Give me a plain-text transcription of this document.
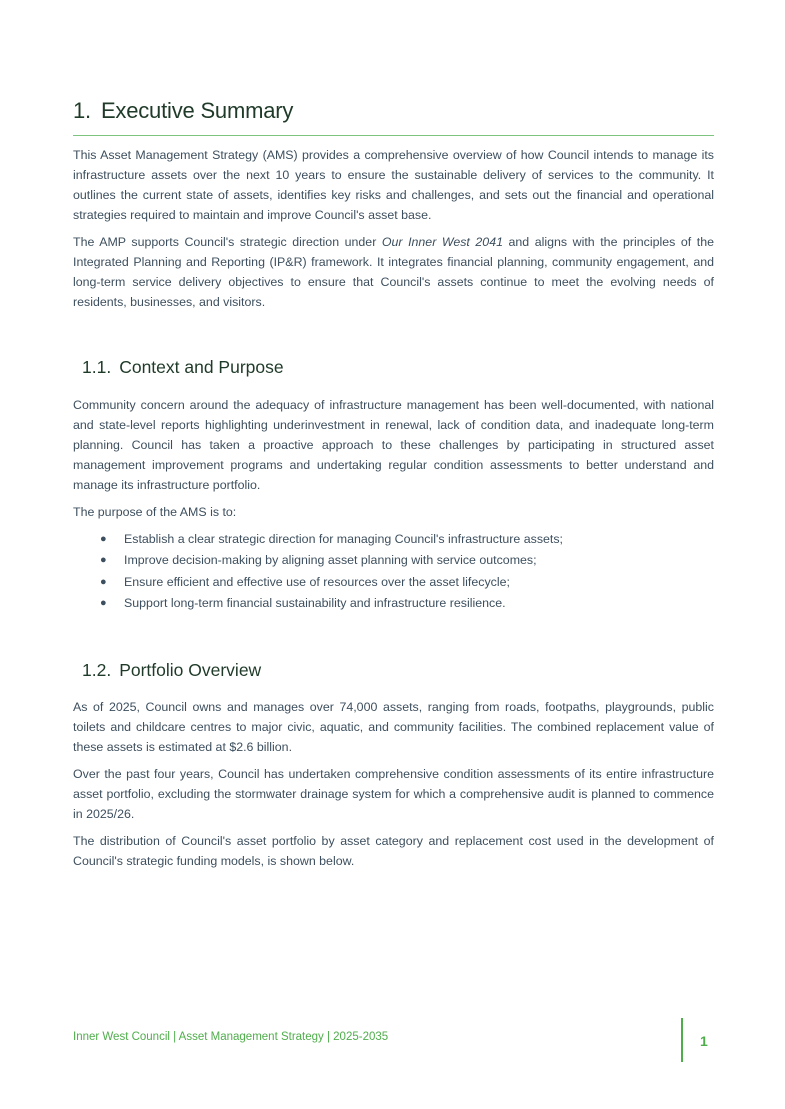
1. Executive Summary

This Asset Management Strategy (AMS) provides a comprehensive overview of how Council intends to manage its infrastructure assets over the next 10 years to ensure the sustainable delivery of services to the community. It outlines the current state of assets, identifies key risks and challenges, and sets out the financial and operational strategies required to maintain and improve Council's asset base.

The AMP supports Council's strategic direction under Our Inner West 2041 and aligns with the principles of the Integrated Planning and Reporting (IP&R) framework. It integrates financial planning, community engagement, and long-term service delivery objectives to ensure that Council's assets continue to meet the evolving needs of residents, businesses, and visitors.

1.1. Context and Purpose

Community concern around the adequacy of infrastructure management has been well-documented, with national and state-level reports highlighting underinvestment in renewal, lack of condition data, and inadequate long-term planning. Council has taken a proactive approach to these challenges by participating in structured asset management improvement programs and undertaking regular condition assessments to better understand and manage its infrastructure portfolio.

The purpose of the AMS is to:

● Establish a clear strategic direction for managing Council's infrastructure assets;
● Improve decision-making by aligning asset planning with service outcomes;
● Ensure efficient and effective use of resources over the asset lifecycle;
● Support long-term financial sustainability and infrastructure resilience.
1.2. Portfolio Overview

As of 2025, Council owns and manages over 74,000 assets, ranging from roads, footpaths, playgrounds, public toilets and childcare centres to major civic, aquatic, and community facilities. The combined replacement value of these assets is estimated at $2.6 billion.

Over the past four years, Council has undertaken comprehensive condition assessments of its entire infrastructure asset portfolio, excluding the stormwater drainage system for which a comprehensive audit is planned to commence in 2025/26.

The distribution of Council's asset portfolio by asset category and replacement cost used in the development of Council's strategic funding models, is shown below.

Inner West Council | Asset Management Strategy | 2025-2035	1
